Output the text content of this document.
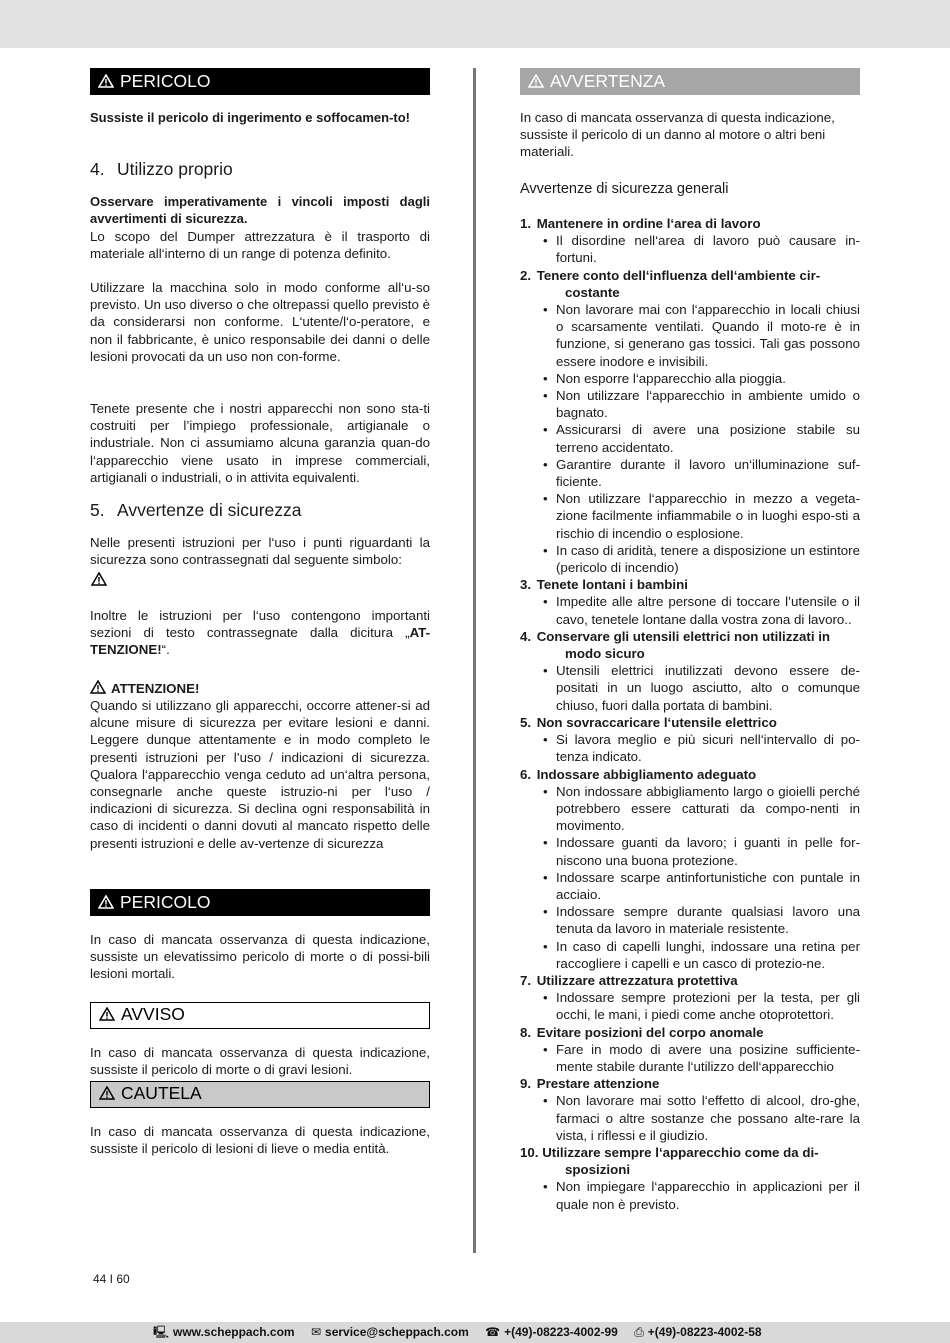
PERICOLO

Sussiste il pericolo di ingerimento e soffocamen-to!

4. Utilizzo proprio

Osservare imperativamente i vincoli imposti dagli avvertimenti di sicurezza.

Lo scopo del Dumper attrezzatura è il trasporto di materiale all‘interno di un range di potenza definito.

Utilizzare la macchina solo in modo conforme all‘u-so previsto. Un uso diverso o che oltrepassi quello previsto è da considerarsi non conforme. L‘utente/l‘o-peratore, e non il fabbricante, è unico responsabile dei danni o delle lesioni provocati da un uso non con-forme.

Tenete presente che i nostri apparecchi non sono sta-ti costruiti per l’impiego professionale, artigianale o industriale. Non ci assumiamo alcuna garanzia quan-do l‘apparecchio viene usato in imprese commerciali, artigianali o industriali, o in attivita equivalenti.

5. Avvertenze di sicurezza

Nelle presenti istruzioni per l‘uso i punti riguardanti la sicurezza sono contrassegnati dal seguente simbolo:

Inoltre le istruzioni per l‘uso contengono importanti sezioni di testo contrassegnate dalla dicitura „AT-TENZIONE!“.

ATTENZIONE!

Quando si utilizzano gli apparecchi, occorre attener-si ad alcune misure di sicurezza per evitare lesioni e danni. Leggere dunque attentamente e in modo completo le presenti istruzioni per l’uso / indicazioni di sicurezza. Qualora l‘apparecchio venga ceduto ad un‘altra persona, consegnarle anche queste istruzio-ni per l‘uso / indicazioni di sicurezza. Si declina ogni responsabilità in caso di incidenti o danni dovuti al mancato rispetto delle presenti istruzioni e delle av-vertenze di sicurezza

PERICOLO

In caso di mancata osservanza di questa indicazione, sussiste un elevatissimo pericolo di morte o di possi-bili lesioni mortali.

AVVISO

In caso di mancata osservanza di questa indicazione, sussiste il pericolo di morte o di gravi lesioni.

CAUTELA

In caso di mancata osservanza di questa indicazione, sussiste il pericolo di lesioni di lieve o media entità.

AVVERTENZA

In caso di mancata osservanza di questa indicazione, sussiste il pericolo di un danno al motore o altri beni materiali.

Avvertenze di sicurezza generali
1. Mantenere in ordine l‘area di lavoro
• Il disordine nell‘area di lavoro può causare in-fortuni.
2. Tenere conto dell‘influenza dell‘ambiente cir-costante
• Non lavorare mai con l‘apparecchio in locali chiusi o scarsamente ventilati. Quando il moto-re è in funzione, si generano gas tossici. Tali gas possono essere inodore e invisibili.
• Non esporre l‘apparecchio alla pioggia.
• Non utilizzare l‘apparecchio in ambiente umido o bagnato.
• Assicurarsi di avere una posizione stabile su terreno accidentato.
• Garantire durante il lavoro un‘illuminazione suf-ficiente.
• Non utilizzare l‘apparecchio in mezzo a vegeta-zione facilmente infiammabile o in luoghi espo-sti a rischio di incendio o esplosione.
• In caso di aridità, tenere a disposizione un estintore (pericolo di incendio)
3. Tenete lontani i bambini
• Impedite alle altre persone di toccare l’utensile o il cavo, tenetele lontane dalla vostra zona di lavoro..
4. Conservare gli utensili elettrici non utilizzati in modo sicuro
• Utensili elettrici inutilizzati devono essere de-positati in un luogo asciutto, alto o comunque chiuso, fuori dalla portata di bambini.
5. Non sovraccaricare l‘utensile elettrico
• Si lavora meglio e più sicuri nell‘intervallo di po-tenza indicato.
6. Indossare abbigliamento adeguato
• Non indossare abbigliamento largo o gioielli perché potrebbero essere catturati da compo-nenti in movimento.
• Indossare guanti da lavoro; i guanti in pelle for-niscono una buona protezione.
• Indossare scarpe antinfortunistiche con puntale in acciaio.
• Indossare sempre durante qualsiasi lavoro una tenuta da lavoro in materiale resistente.
• In caso di capelli lunghi, indossare una retina per raccogliere i capelli e un casco di protezio-ne.
7. Utilizzare attrezzatura protettiva
• Indossare sempre protezioni per la testa, per gli occhi, le mani, i piedi come anche otoprotettori.
8. Evitare posizioni del corpo anomale
• Fare in modo di avere una posizine sufficiente-mente stabile durante l‘utilizzo dell‘apparecchio
9. Prestare attenzione
• Non lavorare mai sotto l‘effetto di alcool, dro-ghe, farmaci o altre sostanze che possano alte-rare la vista, i riflessi e il giudizio.
10. Utilizzare sempre l‘apparecchio come da di-sposizioni
• Non impiegare l‘apparecchio in applicazioni per il quale non è previsto.
44 I 60
🖳 www.scheppach.com ✉ service@scheppach.com ☎ +(49)-08223-4002-99 ⎙ +(49)-08223-4002-58
